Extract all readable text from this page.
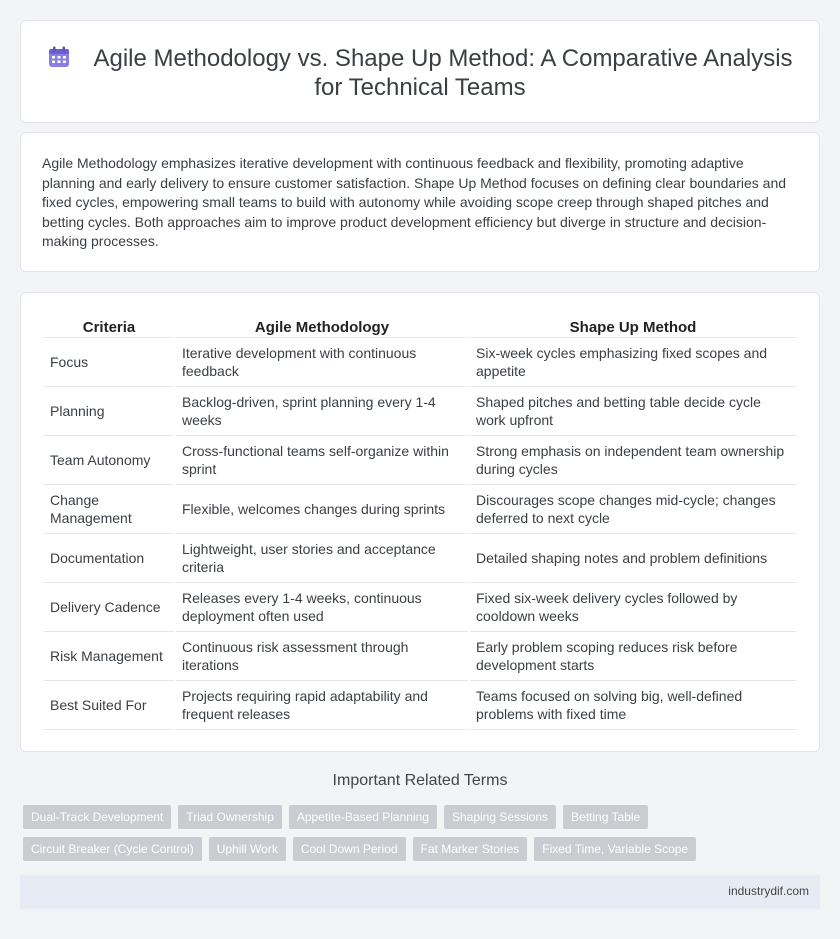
Agile Methodology vs. Shape Up Method: A Comparative Analysis for Technical Teams

Agile Methodology emphasizes iterative development with continuous feedback and flexibility, promoting adaptive planning and early delivery to ensure customer satisfaction. Shape Up Method focuses on defining clear boundaries and fixed cycles, empowering small teams to build with autonomy while avoiding scope creep through shaped pitches and betting cycles. Both approaches aim to improve product development efficiency but diverge in structure and decision-making processes.

Criteria	Agile Methodology	Shape Up Method
Focus	Iterative development with continuous feedback	Six-week cycles emphasizing fixed scopes and appetite
Planning	Backlog-driven, sprint planning every 1-4 weeks	Shaped pitches and betting table decide cycle work upfront
Team Autonomy	Cross-functional teams self-organize within sprint	Strong emphasis on independent team ownership during cycles
Change Management	Flexible, welcomes changes during sprints	Discourages scope changes mid-cycle; changes deferred to next cycle
Documentation	Lightweight, user stories and acceptance criteria	Detailed shaping notes and problem definitions
Delivery Cadence	Releases every 1-4 weeks, continuous deployment often used	Fixed six-week delivery cycles followed by cooldown weeks
Risk Management	Continuous risk assessment through iterations	Early problem scoping reduces risk before development starts
Best Suited For	Projects requiring rapid adaptability and frequent releases	Teams focused on solving big, well-defined problems with fixed time
Important Related Terms
Dual-Track Development	Triad Ownership	Appetite-Based Planning	Shaping Sessions	Betting Table
Circuit Breaker (Cycle Control)	Uphill Work	Cool Down Period	Fat Marker Stories	Fixed Time, Variable Scope
industrydif.com
